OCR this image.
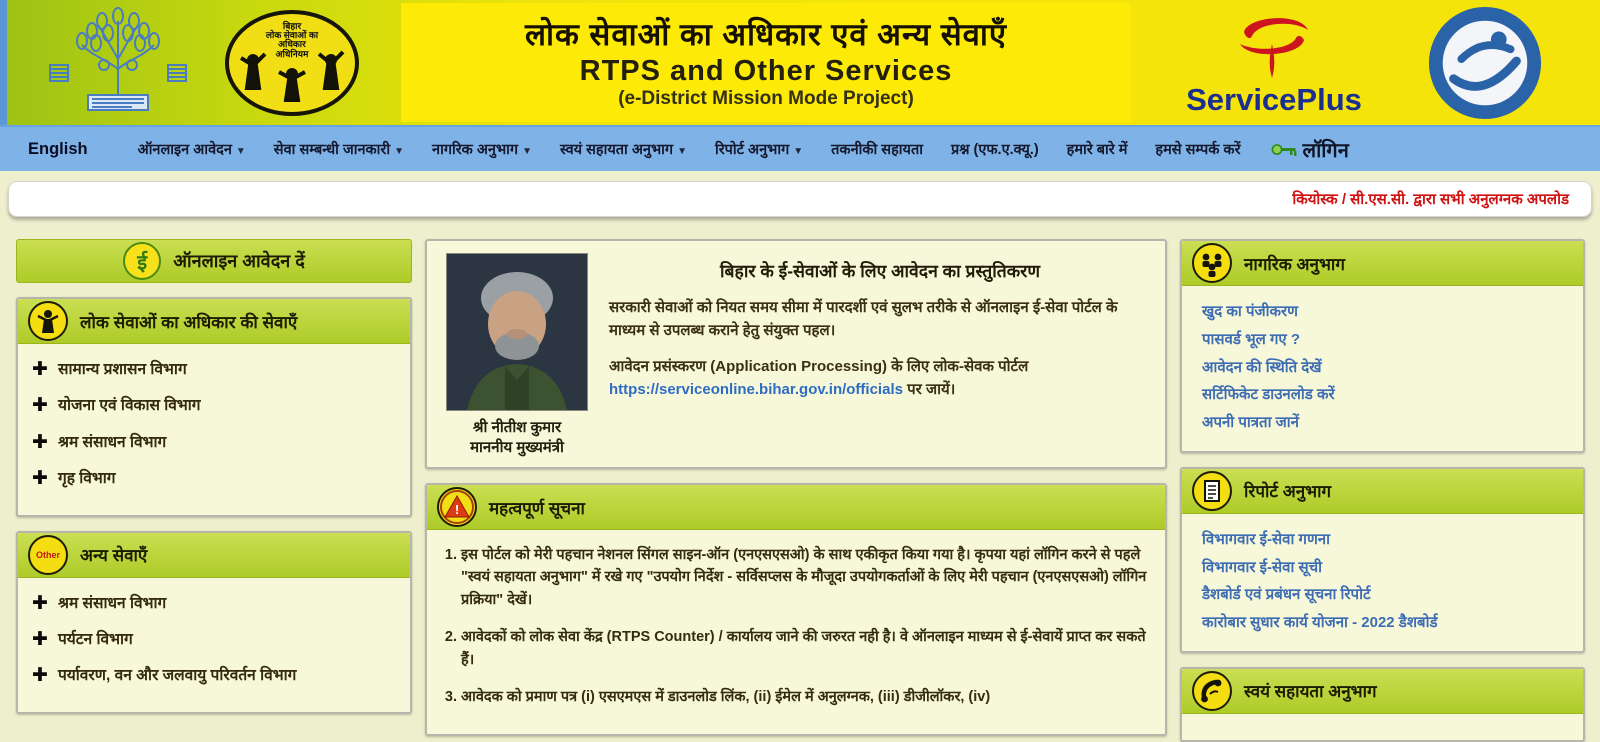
बिहार
लोक सेवाओं का
अधिकार
अधिनियम
लोक सेवाओं का अधिकार एवं अन्य सेवाएँ
RTPS and Other Services
(e-District Mission Mode Project)	ServicePlus
English	ऑनलाइन आवेदन ▼	सेवा सम्बन्धी जानकारी ▼	नागरिक अनुभाग ▼	स्वयं सहायता अनुभाग ▼	रिपोर्ट अनुभाग ▼	तकनीकी सहायता	प्रश्न (एफ.ए.क्यू.)	हमारे बारे में	हमसे सम्पर्क करें	लॉगिन
कियोस्क / सी.एस.सी. द्वारा सभी अनुलग्नक अपलोड
ई	ऑनलाइन आवेदन दें
लोक सेवाओं का अधिकार की सेवाएँ
✚ सामान्य प्रशासन विभाग
✚ योजना एवं विकास विभाग
✚ श्रम संसाधन विभाग
✚ गृह विभाग
Other अन्य सेवाएँ
✚ श्रम संसाधन विभाग
✚ पर्यटन विभाग
✚ पर्यावरण, वन और जलवायु परिवर्तन विभाग
श्री नीतीश कुमार
माननीय मुख्यमंत्री
बिहार के ई-सेवाओं के लिए आवेदन का प्रस्तुतिकरण
सरकारी सेवाओं को नियत समय सीमा में पारदर्शी एवं सुलभ तरीके से ऑनलाइन ई-सेवा पोर्टल के माध्यम से उपलब्ध कराने हेतु संयुक्त पहल।
आवेदन प्रसंस्करण (Application Processing) के लिए लोक-सेवक पोर्टल
https://serviceonline.bihar.gov.in/officials पर जायें।
! महत्वपूर्ण सूचना
1. इस पोर्टल को मेरी पहचान नेशनल सिंगल साइन-ऑन (एनएसएसओ) के साथ एकीकृत किया गया है। कृपया यहां लॉगिन करने से पहले "स्वयं सहायता अनुभाग" में रखे गए "उपयोग निर्देश - सर्विसप्लस के मौजूदा उपयोगकर्ताओं के लिए मेरी पहचान (एनएसएसओ) लॉगिन प्रक्रिया" देखें।
2. आवेदकों को लोक सेवा केंद्र (RTPS Counter) / कार्यालय जाने की जरुरत नही है। वे ऑनलाइन माध्यम से ई-सेवायें प्राप्त कर सकते हैं।
3. आवेदक को प्रमाण पत्र (i) एसएमएस में डाउनलोड लिंक, (ii) ईमेल में अनुलग्नक, (iii) डीजीलॉकर, (iv)
नागरिक अनुभाग
खुद का पंजीकरण
पासवर्ड भूल गए ?
आवेदन की स्थिति देखें
सर्टिफिकेट डाउनलोड करें
अपनी पात्रता जानें
रिपोर्ट अनुभाग
विभागवार ई-सेवा गणना
विभागवार ई-सेवा सूची
डैशबोर्ड एवं प्रबंधन सूचना रिपोर्ट
कारोबार सुधार कार्य योजना - 2022 डैशबोर्ड
स्वयं सहायता अनुभाग
